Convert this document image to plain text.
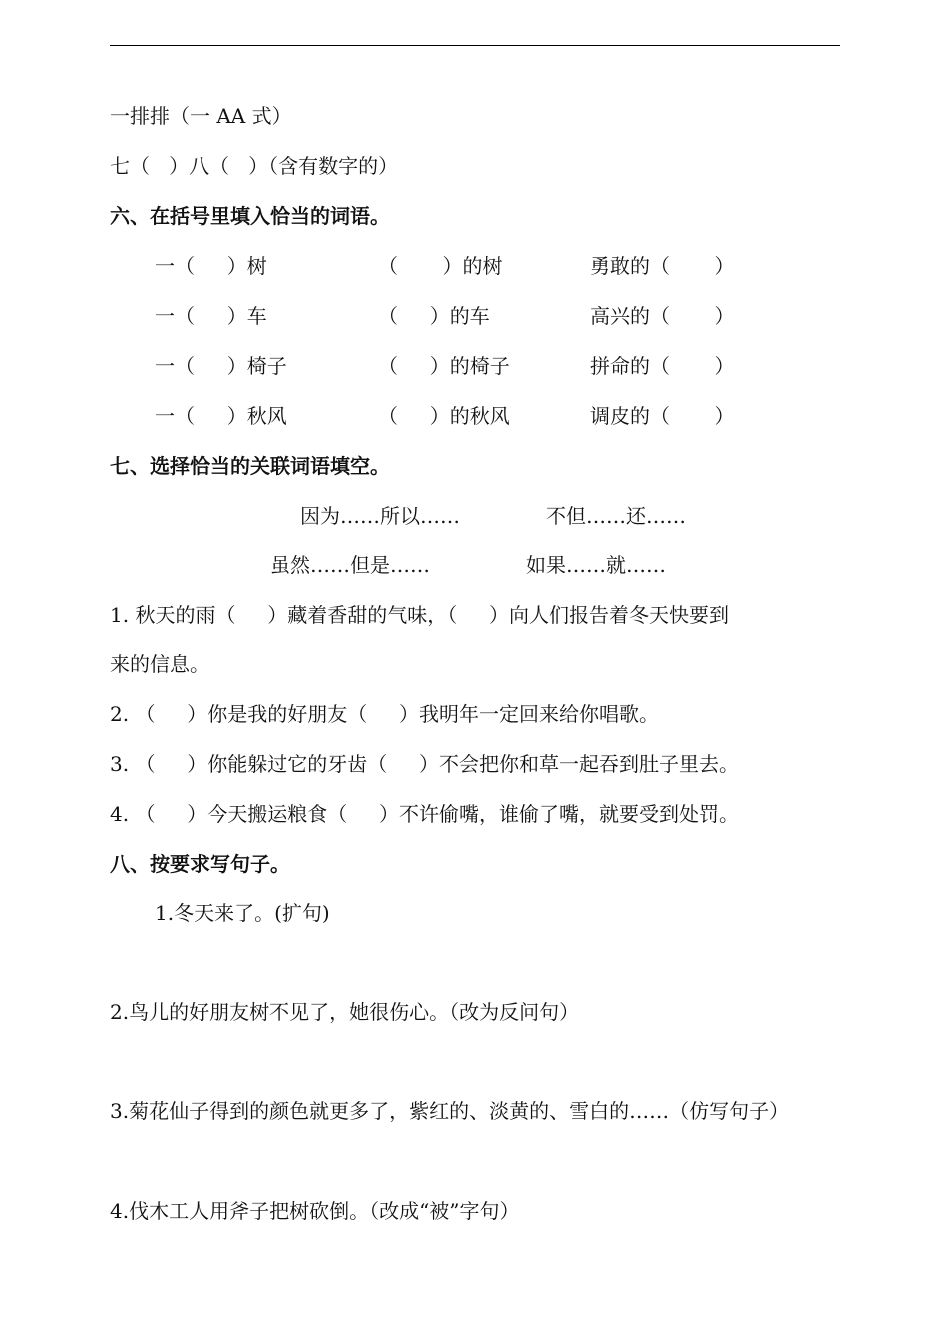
一排排（一 AA 式）
七（   ）八（   ）（含有数字的）
六、在括号里填入恰当的词语。
一（     ）树	（       ）的树	勇敢的（       ）
一（     ）车	（     ）的车	高兴的（       ）
一（     ）椅子	（     ）的椅子	拼命的（       ）
一（     ）秋风	（     ）的秋风	调皮的（       ）
七、选择恰当的关联词语填空。
因为……所以……	不但……还……
虽然……但是……	如果……就……
1. 秋天的雨（     ）藏着香甜的气味，（     ）向人们报告着冬天快要到
来的信息。
2. （     ）你是我的好朋友（     ）我明年一定回来给你唱歌。
3. （     ）你能躲过它的牙齿（     ）不会把你和草一起吞到肚子里去。
4. （     ）今天搬运粮食（     ）不许偷嘴，谁偷了嘴，就要受到处罚。
八、按要求写句子。
1.冬天来了。(扩句)
2.鸟儿的好朋友树不见了，她很伤心。（改为反问句）
3.菊花仙子得到的颜色就更多了，紫红的、淡黄的、雪白的……（仿写句子）
4.伐木工人用斧子把树砍倒。（改成“被”字句）
